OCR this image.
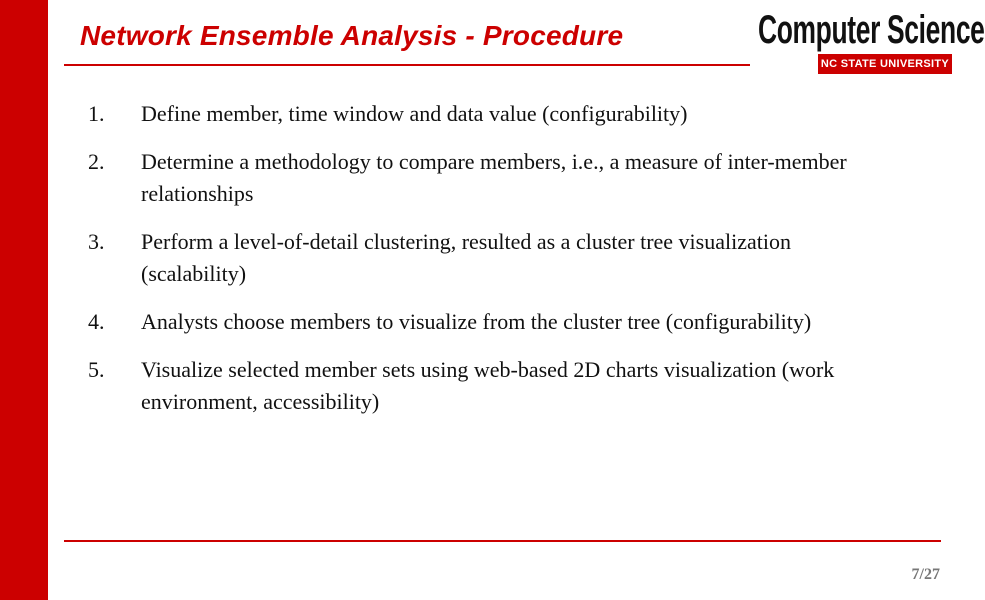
Network Ensemble Analysis - Procedure	Computer Science
NC STATE UNIVERSITY
1.	Define member, time window and data value (configurability)
2.	Determine a methodology to compare members, i.e., a measure of inter-member relationships
3.	Perform a level-of-detail clustering, resulted as a cluster tree visualization (scalability)
4.	Analysts choose members to visualize from the cluster tree (configurability)
5.	Visualize selected member sets using web-based 2D charts visualization (work environment, accessibility)
7/27
